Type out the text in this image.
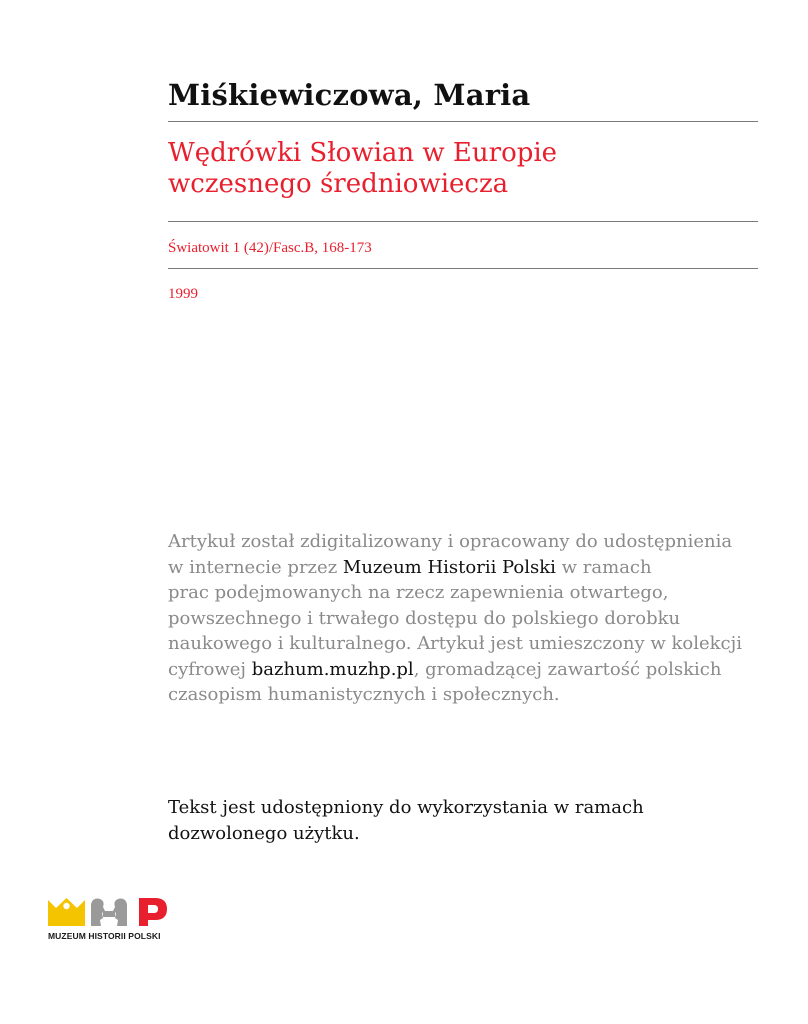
Miśkiewiczowa, Maria
Wędrówki Słowian w Europie
wczesnego średniowiecza
Światowit 1 (42)/Fasc.B, 168-173
1999
Artykuł został zdigitalizowany i opracowany do udostępnienia
w internecie przez Muzeum Historii Polski w ramach
prac podejmowanych na rzecz zapewnienia otwartego,
powszechnego i trwałego dostępu do polskiego dorobku
naukowego i kulturalnego. Artykuł jest umieszczony w kolekcji
cyfrowej bazhum.muzhp.pl, gromadzącej zawartość polskich
czasopism humanistycznych i społecznych.
Tekst jest udostępniony do wykorzystania w ramach
dozwolonego użytku.
MUZEUM HISTORII POLSKI
